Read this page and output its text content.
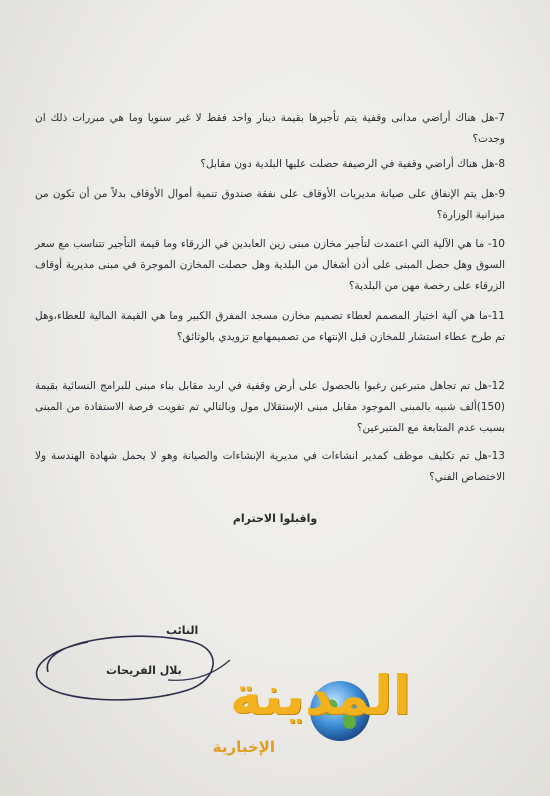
7-هل هناك أراضي مدانى وقفية يتم تأجيرها بقيمة دينار واحد فقط لا غير سنويا وما هي مبررات ذلك ان وجدت؟
8-هل هناك أراضي وقفية في الرصيفة حصلت عليها البلدية دون مقابل؟
9-هل يتم الإنفاق على صيانة مديريات الأوقاف على نفقة صندوق تنمية أموال الأوقاف بدلاً من أن تكون من ميزانية الوزارة؟
10- ما هي الآلية التي اعتمدت لتأجير مخازن مبنى زين العابدين في الزرقاء وما قيمة التأجير تتناسب مع سعر السوق وهل حصل المبنى على أذن أشغال من البلدية وهل حصلت المخازن الموجرة في مبنى مديرية أوقاف الزرقاء على رخصة مهن من البلدية؟
11-ما هي آلية اختيار المصمم لعطاء تصميم مخازن مسجد المفرق الكبير وما هي القيمة المالية للعطاء،وهل تم طرح عطاء استشار للمخازن قبل الإنتهاء من تصميمهامع تزويدي بالوثائق؟
12-هل تم تجاهل متبرعين رغبوا بالحصول على أرض وقفية في اربد مقابل بناء مبنى للبرامج النسائية بقيمة (150)ألف شبيه بالمبنى الموجود مقابل مبنى الإستقلال مول وبالتالي تم تفويت فرصة الاستفادة من المبنى بسبب عدم المتابعة مع المتبرعين؟
13-هل تم تكليف موظف كمدير انشاءات في مديرية الإنشاءات والصيانة وهو لا يحمل شهادة الهندسة ولا الاختصاص الفني؟
واقبلوا الاحترام
النائب
بلال الفريحات المدينة
الإخبارية
